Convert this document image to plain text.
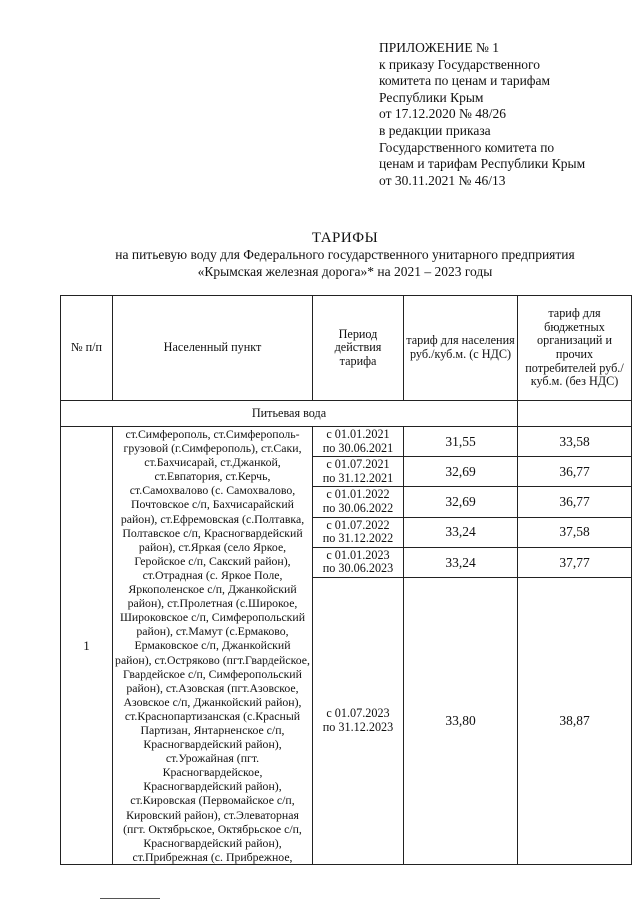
ПРИЛОЖЕНИЕ № 1
к приказу Государственного
комитета по ценам и тарифам
Республики Крым
от 17.12.2020 № 48/26
в редакции приказа
Государственного комитета по
ценам и тарифам Республики Крым
от 30.11.2021 № 46/13
ТАРИФЫ
на питьевую воду для Федерального государственного унитарного предприятия
«Крымская железная дорога»* на 2021 – 2023 годы
№ п/п	Населенный пункт	Период действия тарифа	тариф для населения руб./куб.м. (с НДС)	тариф для бюджетных организаций и прочих потребителей руб./куб.м. (без НДС)
Питьевая вода				
1	ст.Симферополь, ст.Симферополь-грузовой (г.Симферополь), ст.Саки, ст.Бахчисарай, ст.Джанкой, ст.Евпатория, ст.Керчь, ст.Самохвалово (с. Самохвалово, Почтовское с/п, Бахчисарайский район), ст.Ефремовская (с.Полтавка, Полтавское с/п, Красногвардейский район), ст.Яркая (село Яркое, Геройское с/п, Сакский район), ст.Отрадная (с. Яркое Поле, Яркополенское с/п, Джанкойский район), ст.Пролетная (с.Широкое, Широковское с/п, Симферопольский район), ст.Мамут (с.Ермаково, Ермаковское с/п, Джанкойский район), ст.Остряково (пгт.Гвардейское, Гвардейское с/п, Симферопольский район), ст.Азовская (пгт.Азовское, Азовское с/п, Джанкойский район), ст.Краснопартизанская (с.Красный Партизан, Янтарненское с/п, Красногвардейский район), ст.Урожайная (пгт. Красногвардейское, Красногвардейский район), ст.Кировская (Первомайское с/п, Кировский район), ст.Элеваторная (пгт. Октябрьское, Октябрьское с/п, Красногвардейский район), ст.Прибрежная (с. Прибрежное,	с 01.01.2021
по 30.06.2021	31,55	33,58
		с 01.07.2021
по 31.12.2021	32,69	36,77
		с 01.01.2022
по 30.06.2022	32,69	36,77
		с 01.07.2022
по 31.12.2022	33,24	37,58
		с 01.01.2023
по 30.06.2023	33,24	37,77
		с 01.07.2023
по 31.12.2023	33,80	38,87
